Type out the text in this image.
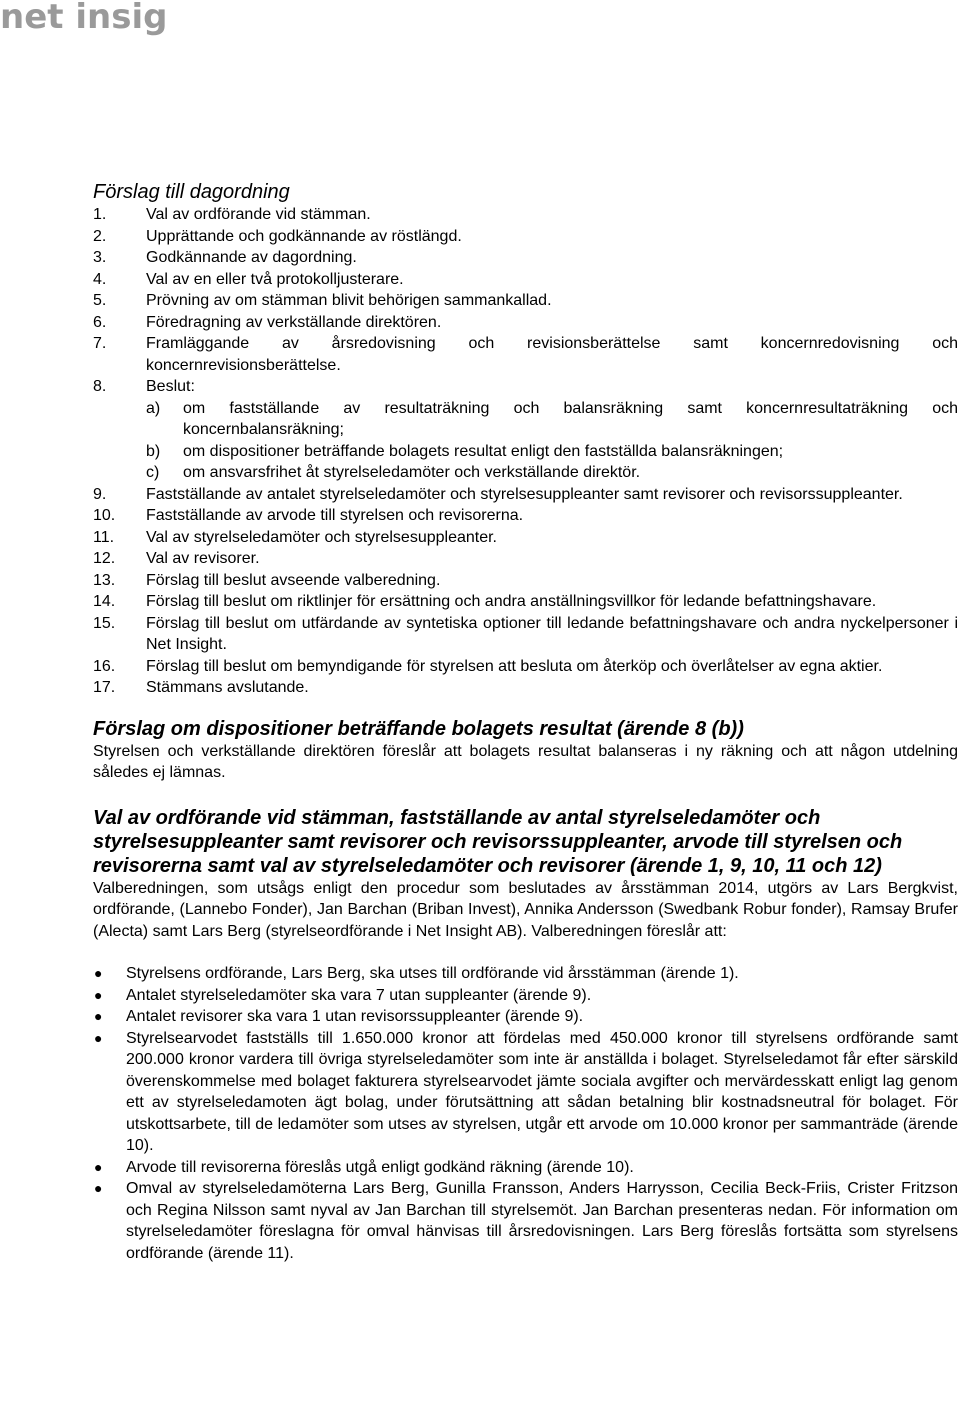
net insig
Förslag till dagordning
1. Val av ordförande vid stämman.
2. Upprättande och godkännande av röstlängd.
3. Godkännande av dagordning.
4. Val av en eller två protokolljusterare.
5. Prövning av om stämman blivit behörigen sammankallad.
6. Föredragning av verkställande direktören.
7. Framläggande av årsredovisning och revisionsberättelse samt koncernredovisning och koncernrevisionsberättelse.
8. Beslut:
a) om fastställande av resultaträkning och balansräkning samt koncernresultaträkning och koncernbalansräkning;
b) om dispositioner beträffande bolagets resultat enligt den fastställda balansräkningen;
c) om ansvarsfrihet åt styrelseledamöter och verkställande direktör.
9. Fastställande av antalet styrelseledamöter och styrelsesuppleanter samt revisorer och revisorssuppleanter.
10. Fastställande av arvode till styrelsen och revisorerna.
11. Val av styrelseledamöter och styrelsesuppleanter.
12. Val av revisorer.
13. Förslag till beslut avseende valberedning.
14. Förslag till beslut om riktlinjer för ersättning och andra anställningsvillkor för ledande befattningshavare.
15. Förslag till beslut om utfärdande av syntetiska optioner till ledande befattningshavare och andra nyckelpersoner i Net Insight.
16. Förslag till beslut om bemyndigande för styrelsen att besluta om återköp och överlåtelser av egna aktier.
17. Stämmans avslutande.
Förslag om dispositioner beträffande bolagets resultat (ärende 8 (b))

Styrelsen och verkställande direktören föreslår att bolagets resultat balanseras i ny räkning och att någon utdelning således ej lämnas.

Val av ordförande vid stämman, fastställande av antal styrelseledamöter och styrelsesuppleanter samt revisorer och revisorssuppleanter, arvode till styrelsen och revisorerna samt val av styrelseledamöter och revisorer (ärende 1, 9, 10, 11 och 12)

Valberedningen, som utsågs enligt den procedur som beslutades av årsstämman 2014, utgörs av Lars Bergkvist, ordförande, (Lannebo Fonder), Jan Barchan (Briban Invest), Annika Andersson (Swedbank Robur fonder), Ramsay Brufer (Alecta) samt Lars Berg (styrelseordförande i Net Insight AB). Valberedningen föreslår att:

● Styrelsens ordförande, Lars Berg, ska utses till ordförande vid årsstämman (ärende 1).
● Antalet styrelseledamöter ska vara 7 utan suppleanter (ärende 9).
● Antalet revisorer ska vara 1 utan revisorssuppleanter (ärende 9).
● Styrelsearvodet fastställs till 1.650.000 kronor att fördelas med 450.000 kronor till styrelsens ordförande samt 200.000 kronor vardera till övriga styrelseledamöter som inte är anställda i bolaget. Styrelseledamot får efter särskild överenskommelse med bolaget fakturera styrelsearvodet jämte sociala avgifter och mervärdesskatt enligt lag genom ett av styrelseledamoten ägt bolag, under förutsättning att sådan betalning blir kostnadsneutral för bolaget. För utskottsarbete, till de ledamöter som utses av styrelsen, utgår ett arvode om 10.000 kronor per sammanträde (ärende 10).
● Arvode till revisorerna föreslås utgå enligt godkänd räkning (ärende 10).
● Omval av styrelseledamöterna Lars Berg, Gunilla Fransson, Anders Harrysson, Cecilia Beck-Friis, Crister Fritzson och Regina Nilsson samt nyval av Jan Barchan till styrelsemöt. Jan Barchan presenteras nedan. För information om styrelseledamöter föreslagna för omval hänvisas till årsredovisningen. Lars Berg föreslås fortsätta som styrelsens ordförande (ärende 11).
